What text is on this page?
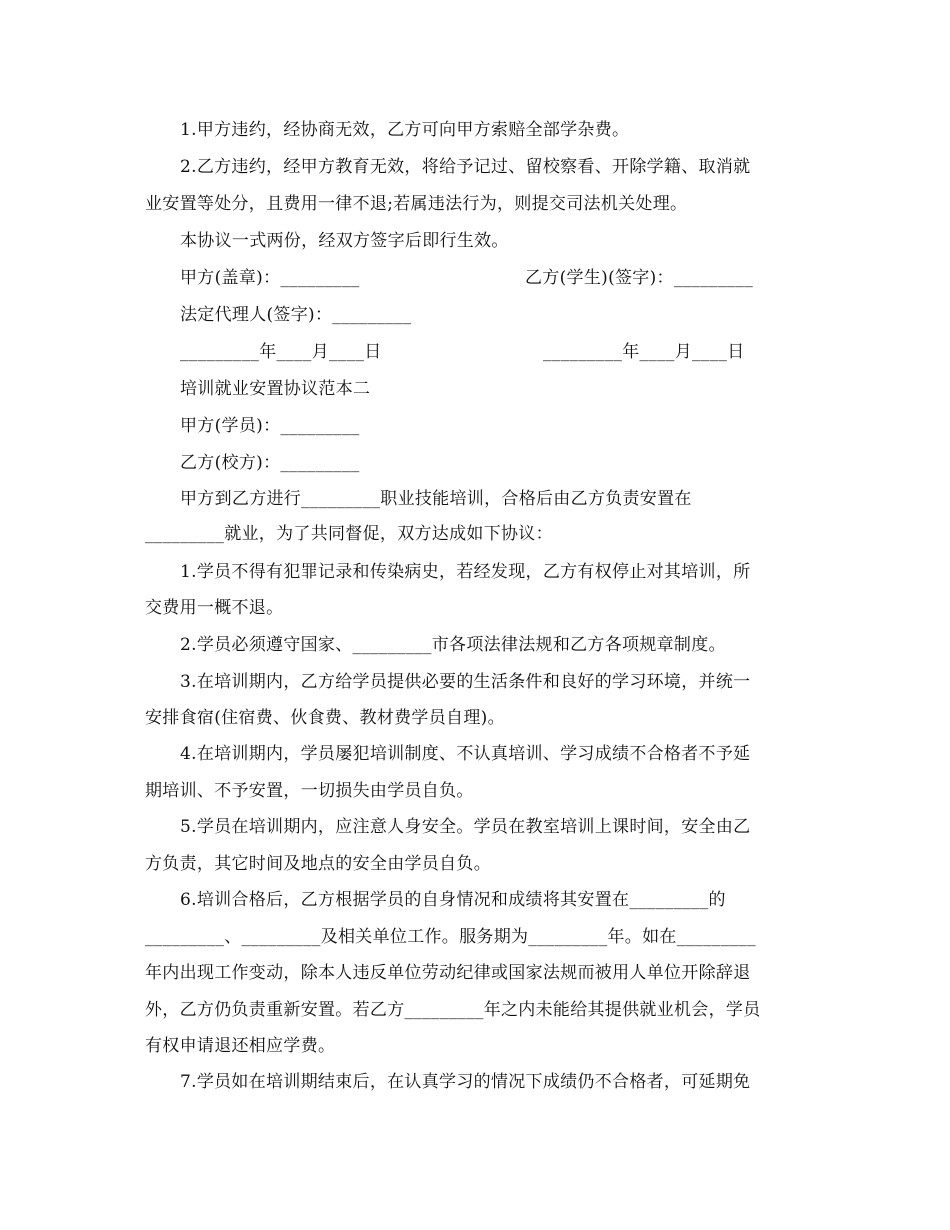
1.甲方违约，经协商无效，乙方可向甲方索赔全部学杂费。
2.乙方违约，经甲方教育无效，将给予记过、留校察看、开除学籍、取消就
业安置等处分，且费用一律不退;若属违法行为，则提交司法机关处理。
本协议一式两份，经双方签字后即行生效。
甲方(盖章)：_________	乙方(学生)(签字)：_________
法定代理人(签字)：_________
_________年____月____日	_________年____月____日
培训就业安置协议范本二
甲方(学员)：_________
乙方(校方)：_________
甲方到乙方进行_________职业技能培训，合格后由乙方负责安置在
_________就业，为了共同督促，双方达成如下协议：
1.学员不得有犯罪记录和传染病史，若经发现，乙方有权停止对其培训，所
交费用一概不退。
2.学员必须遵守国家、_________市各项法律法规和乙方各项规章制度。
3.在培训期内，乙方给学员提供必要的生活条件和良好的学习环境，并统一
安排食宿(住宿费、伙食费、教材费学员自理)。
4.在培训期内，学员屡犯培训制度、不认真培训、学习成绩不合格者不予延
期培训、不予安置，一切损失由学员自负。
5.学员在培训期内，应注意人身安全。学员在教室培训上课时间，安全由乙
方负责，其它时间及地点的安全由学员自负。
6.培训合格后，乙方根据学员的自身情况和成绩将其安置在_________的
_________、_________及相关单位工作。服务期为_________年。如在_________
年内出现工作变动，除本人违反单位劳动纪律或国家法规而被用人单位开除辞退
外，乙方仍负责重新安置。若乙方_________年之内未能给其提供就业机会，学员
有权申请退还相应学费。
7.学员如在培训期结束后，在认真学习的情况下成绩仍不合格者，可延期免
